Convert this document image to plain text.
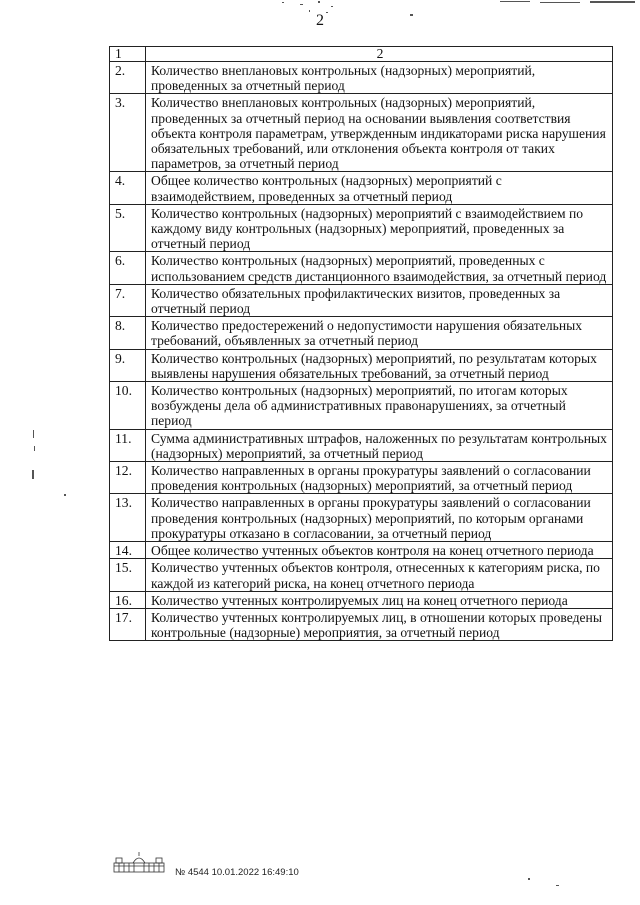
2
1	2
2.	Количество внеплановых контрольных (надзорных) мероприятий, проведенных за отчетный период
3.	Количество внеплановых контрольных (надзорных) мероприятий, проведенных за отчетный период на основании выявления соответствия объекта контроля параметрам, утвержденным индикаторами риска нарушения обязательных требований, или отклонения объекта контроля от таких параметров, за отчетный период
4.	Общее количество контрольных (надзорных) мероприятий с взаимодействием, проведенных за отчетный период
5.	Количество контрольных (надзорных) мероприятий с взаимодействием по каждому виду контрольных (надзорных) мероприятий, проведенных за отчетный период
6.	Количество контрольных (надзорных) мероприятий, проведенных с использованием средств дистанционного взаимодействия, за отчетный период
7.	Количество обязательных профилактических визитов, проведенных за отчетный период
8.	Количество предостережений о недопустимости нарушения обязательных требований, объявленных за отчетный период
9.	Количество контрольных (надзорных) мероприятий, по результатам которых выявлены нарушения обязательных требований, за отчетный период
10.	Количество контрольных (надзорных) мероприятий, по итогам которых возбуждены дела об административных правонарушениях, за отчетный период
11.	Сумма административных штрафов, наложенных по результатам контрольных (надзорных) мероприятий, за отчетный период
12.	Количество направленных в органы прокуратуры заявлений о согласовании проведения контрольных (надзорных) мероприятий, за отчетный период
13.	Количество направленных в органы прокуратуры заявлений о согласовании проведения контрольных (надзорных) мероприятий, по которым органами прокуратуры отказано в согласовании, за отчетный период
14.	Общее количество учтенных объектов контроля на конец отчетного периода
15.	Количество учтенных объектов контроля, отнесенных к категориям риска, по каждой из категорий риска, на конец отчетного периода
16.	Количество учтенных контролируемых лиц на конец отчетного периода
17.	Количество учтенных контролируемых лиц, в отношении которых проведены контрольные (надзорные) мероприятия, за отчетный период
№ 4544 10.01.2022 16:49:10
